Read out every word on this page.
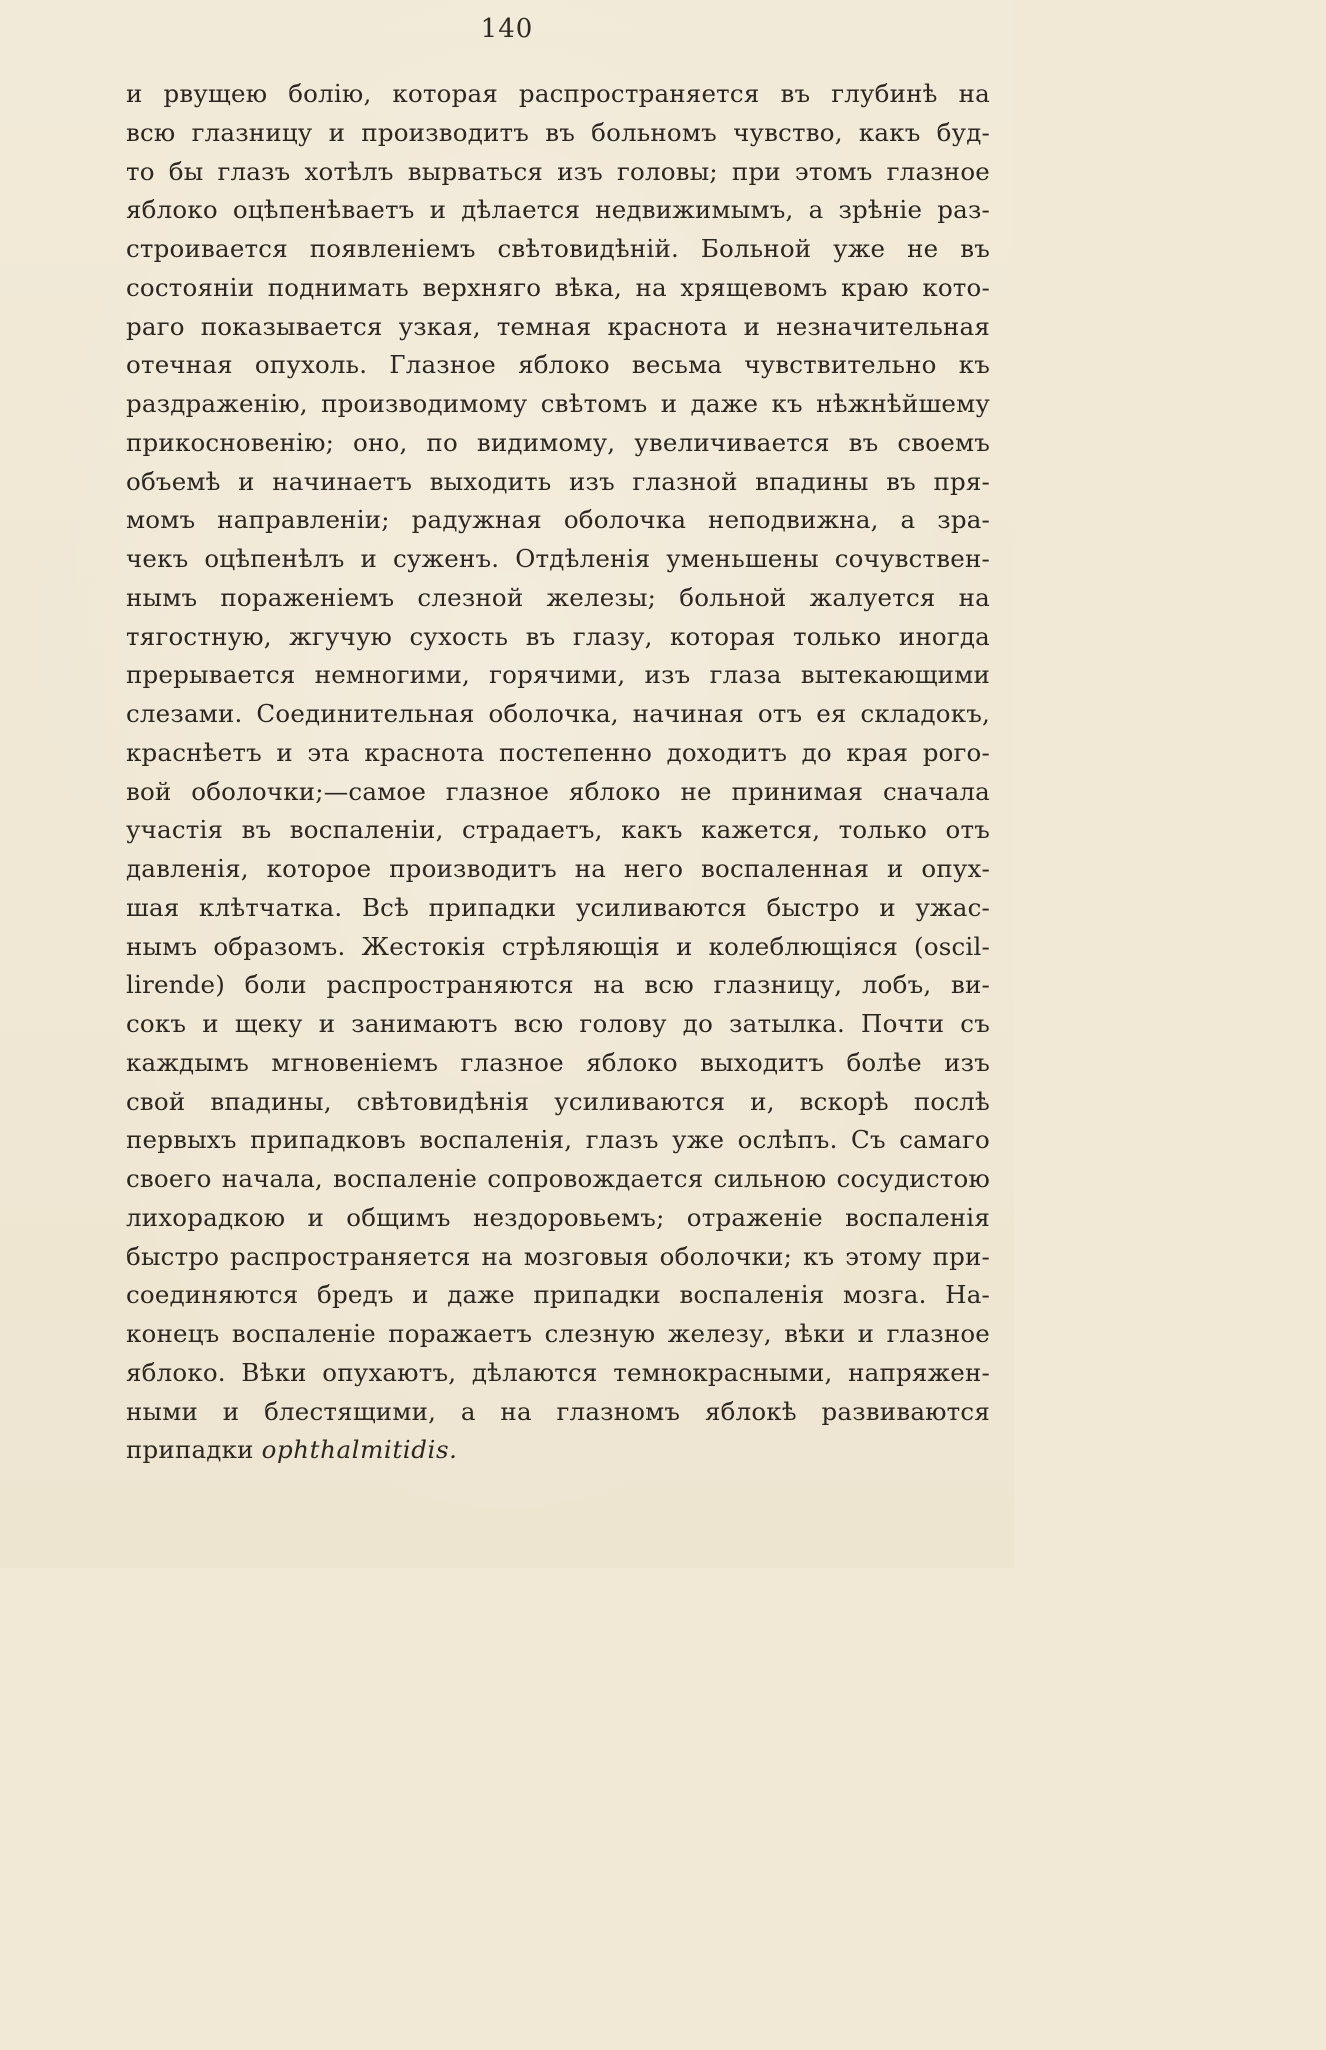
140
и рвущею болію, которая распространяется въ глубинѣ на
всю глазницу и производитъ въ больномъ чувство, какъ буд-
то бы глазъ хотѣлъ вырваться изъ головы; при этомъ глазное
яблоко оцѣпенѣваетъ и дѣлается недвижимымъ, а зрѣніе раз-
строивается появленіемъ свѣтовидѣній. Больной уже не въ
состояніи поднимать верхняго вѣка, на хрящевомъ краю кото-
раго показывается узкая, темная краснота и незначительная
отечная опухоль. Глазное яблоко весьма чувствительно къ
раздраженію, производимому свѣтомъ и даже къ нѣжнѣйшему
прикосновенію; оно, по видимому, увеличивается въ своемъ
объемѣ и начинаетъ выходить изъ глазной впадины въ пря-
момъ направленіи; радужная оболочка неподвижна, а зра-
чекъ оцѣпенѣлъ и суженъ. Отдѣленія уменьшены сочувствен-
нымъ пораженіемъ слезной железы; больной жалуется на
тягостную, жгучую сухость въ глазу, которая только иногда
прерывается немногими, горячими, изъ глаза вытекающими
слезами. Соединительная оболочка, начиная отъ ея складокъ,
краснѣетъ и эта краснота постепенно доходитъ до края рого-
вой оболочки;—самое глазное яблоко не принимая сначала
участія въ воспаленіи, страдаетъ, какъ кажется, только отъ
давленія, которое производитъ на него воспаленная и опух-
шая клѣтчатка. Всѣ припадки усиливаются быстро и ужас-
нымъ образомъ. Жестокія стрѣляющія и колеблющіяся (oscil-
lirende) боли распространяются на всю глазницу, лобъ, ви-
сокъ и щеку и занимаютъ всю голову до затылка. Почти съ
каждымъ мгновеніемъ глазное яблоко выходитъ болѣе изъ
свой впадины, свѣтовидѣнія усиливаются и, вскорѣ послѣ
первыхъ припадковъ воспаленія, глазъ уже ослѣпъ. Съ самаго
своего начала, воспаленіе сопровождается сильною сосудистою
лихорадкою и общимъ нездоровьемъ; отраженіе воспаленія
быстро распространяется на мозговыя оболочки; къ этому при-
соединяются бредъ и даже припадки воспаленія мозга. На-
конецъ воспаленіе поражаетъ слезную железу, вѣки и глазное
яблоко. Вѣки опухаютъ, дѣлаются темнокрасными, напряжен-
ными и блестящими, а на глазномъ яблокѣ развиваются
припадки ophthalmitidis.
